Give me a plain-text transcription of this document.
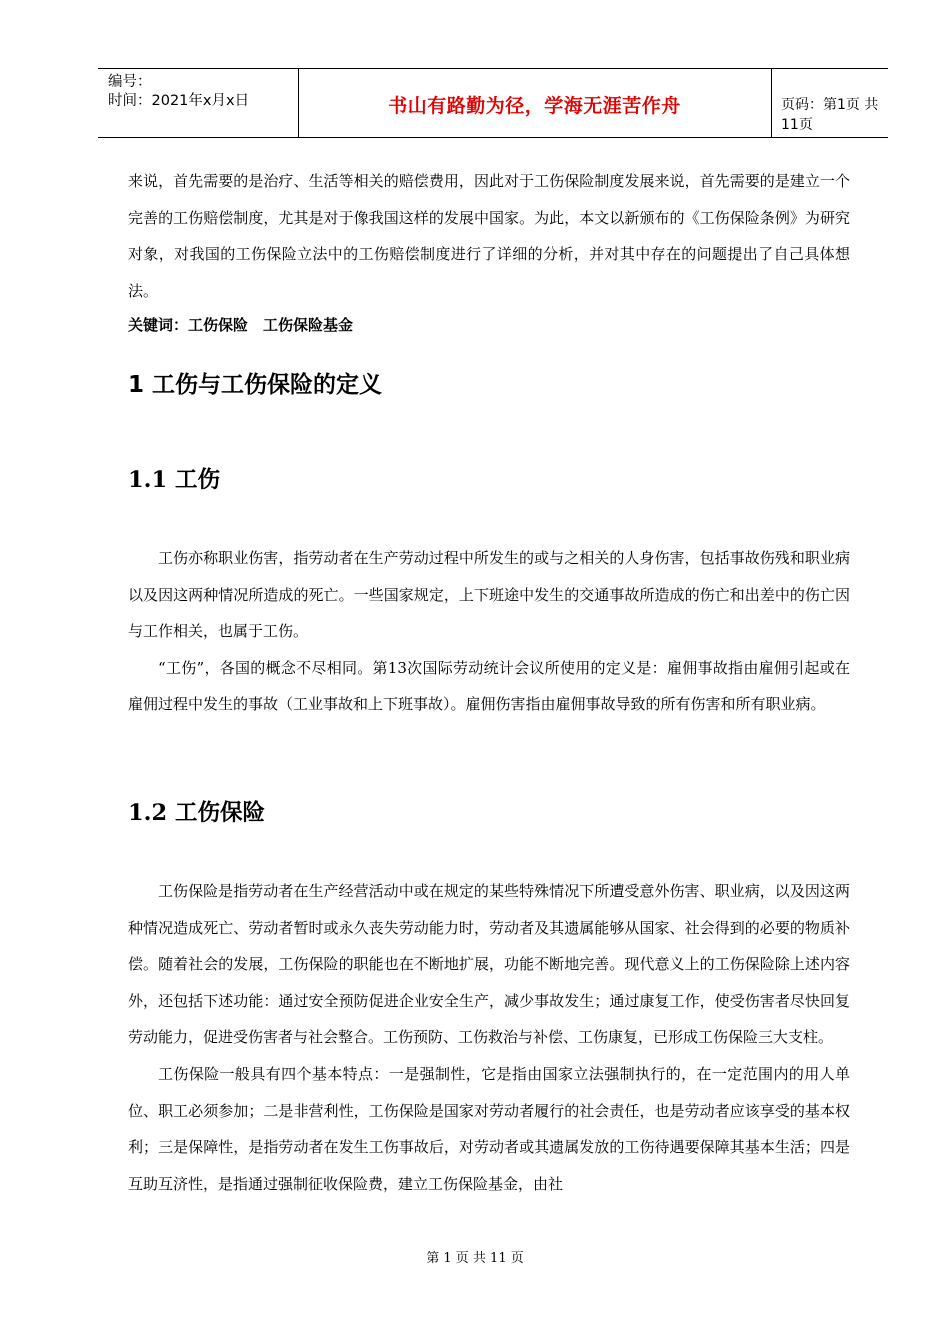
编号：
时间：2021年x月x日	书山有路勤为径，学海无涯苦作舟	页码：第1页 共11页

来说，首先需要的是治疗、生活等相关的赔偿费用，因此对于工伤保险制度发展来说，首先需要的是建立一个完善的工伤赔偿制度，尤其是对于像我国这样的发展中国家。为此，本文以新颁布的《工伤保险条例》为研究对象，对我国的工伤保险立法中的工伤赔偿制度进行了详细的分析，并对其中存在的问题提出了自己具体想法。

关键词：工伤保险　工伤保险基金
1 工伤与工伤保险的定义
1.1 工伤

工伤亦称职业伤害，指劳动者在生产劳动过程中所发生的或与之相关的人身伤害，包括事故伤残和职业病以及因这两种情况所造成的死亡。一些国家规定，上下班途中发生的交通事故所造成的伤亡和出差中的伤亡因与工作相关，也属于工伤。

“工伤”，各国的概念不尽相同。第13次国际劳动统计会议所使用的定义是：雇佣事故指由雇佣引起或在雇佣过程中发生的事故（工业事故和上下班事故）。雇佣伤害指由雇佣事故导致的所有伤害和所有职业病。

1.2 工伤保险

工伤保险是指劳动者在生产经营活动中或在规定的某些特殊情况下所遭受意外伤害、职业病，以及因这两种情况造成死亡、劳动者暂时或永久丧失劳动能力时，劳动者及其遗属能够从国家、社会得到的必要的物质补偿。随着社会的发展，工伤保险的职能也在不断地扩展，功能不断地完善。现代意义上的工伤保险除上述内容外，还包括下述功能：通过安全预防促进企业安全生产，减少事故发生；通过康复工作，使受伤害者尽快回复劳动能力，促进受伤害者与社会整合。工伤预防、工伤救治与补偿、工伤康复，已形成工伤保险三大支柱。

工伤保险一般具有四个基本特点：一是强制性，它是指由国家立法强制执行的，在一定范围内的用人单位、职工必须参加；二是非营利性，工伤保险是国家对劳动者履行的社会责任，也是劳动者应该享受的基本权利；三是保障性，是指劳动者在发生工伤事故后，对劳动者或其遗属发放的工伤待遇要保障其基本生活；四是互助互济性，是指通过强制征收保险费，建立工伤保险基金，由社

第 1 页 共 11 页
